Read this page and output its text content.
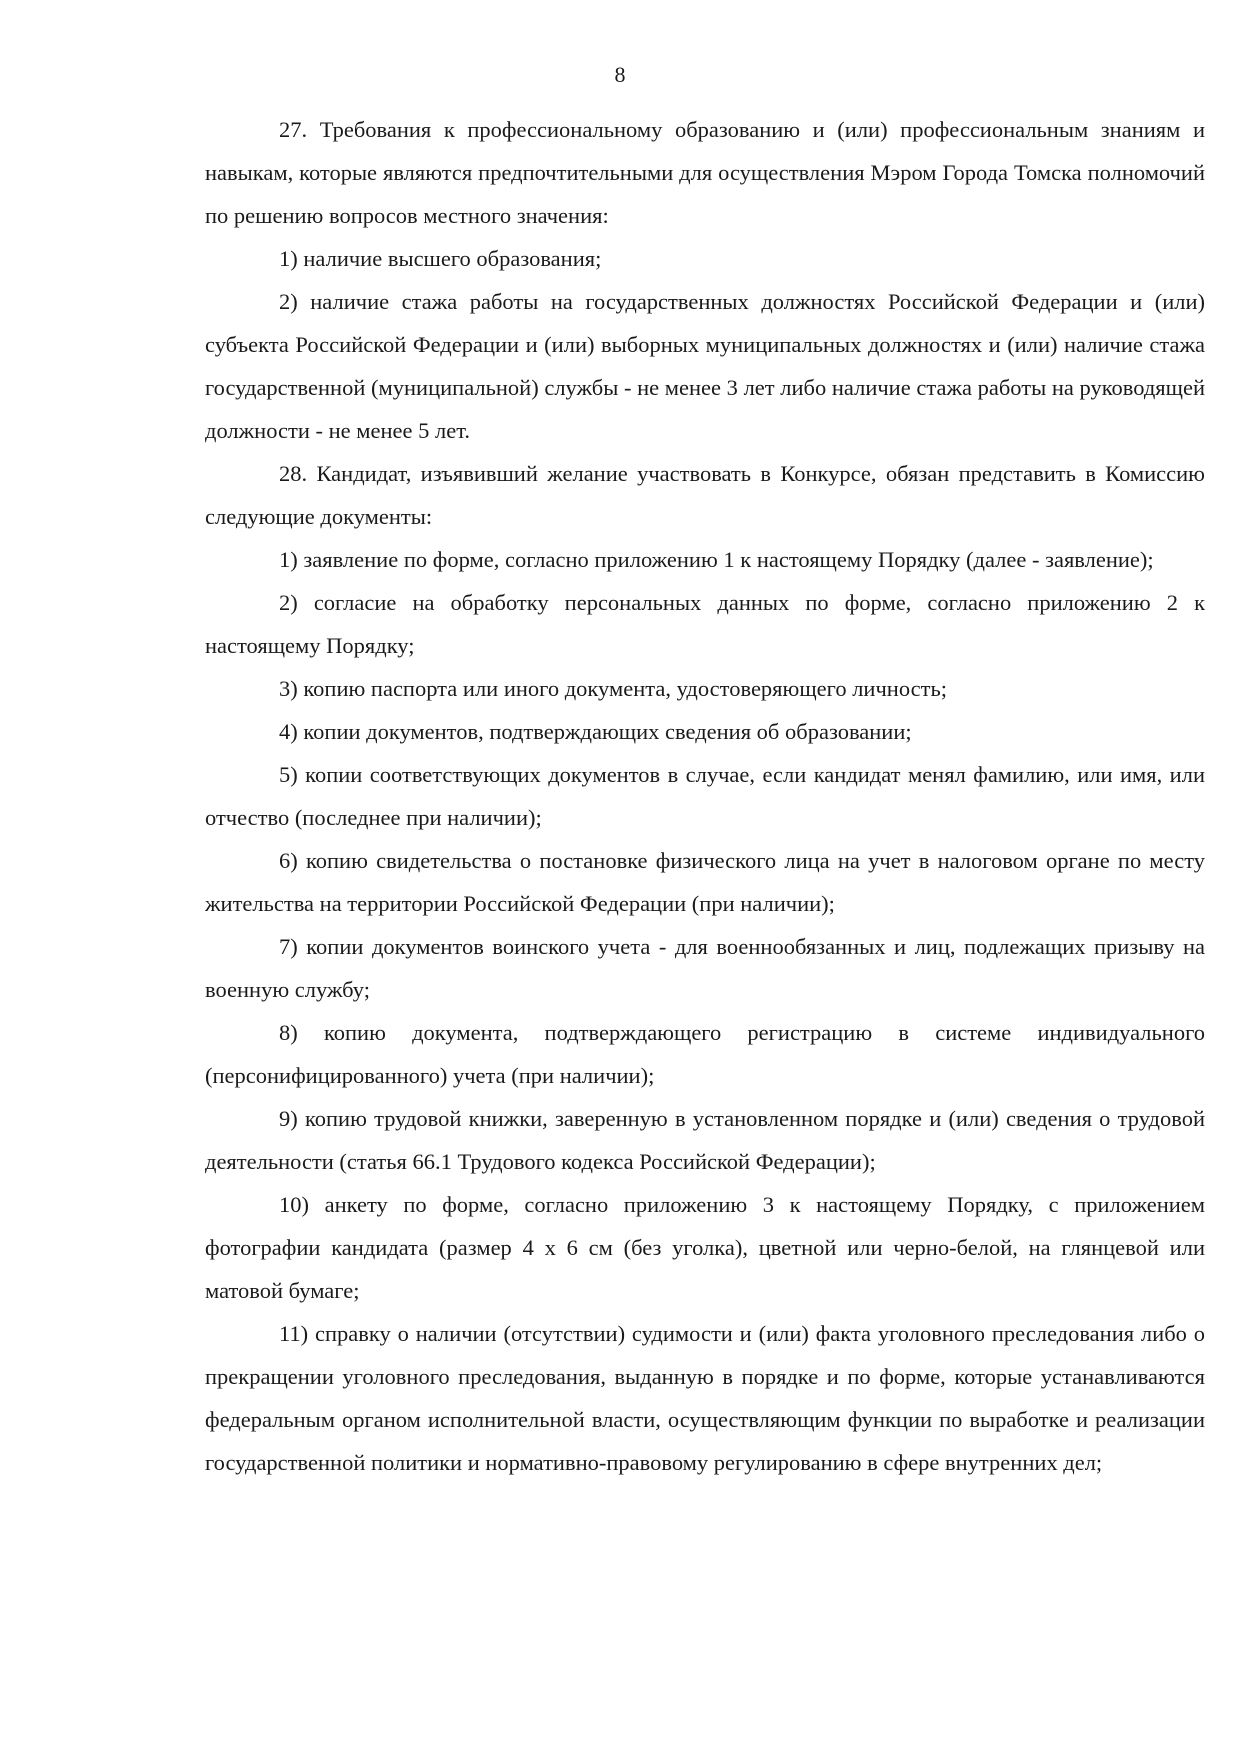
8

27. Требования к профессиональному образованию и (или) профессиональным знаниям и навыкам, которые являются предпочтительными для осуществления Мэром Города Томска полномочий по решению вопросов местного значения:

1) наличие высшего образования;

2) наличие стажа работы на государственных должностях Российской Федерации и (или) субъекта Российской Федерации и (или) выборных муниципальных должностях и (или) наличие стажа государственной (муниципальной) службы - не менее 3 лет либо наличие стажа работы на руководящей должности - не менее 5 лет.

28. Кандидат, изъявивший желание участвовать в Конкурсе, обязан представить в Комиссию следующие документы:

1) заявление по форме, согласно приложению 1 к настоящему Порядку (далее - заявление);

2) согласие на обработку персональных данных по форме, согласно приложению 2 к настоящему Порядку;

3) копию паспорта или иного документа, удостоверяющего личность;

4) копии документов, подтверждающих сведения об образовании;

5) копии соответствующих документов в случае, если кандидат менял фамилию, или имя, или отчество (последнее при наличии);

6) копию свидетельства о постановке физического лица на учет в налоговом органе по месту жительства на территории Российской Федерации (при наличии);

7) копии документов воинского учета - для военнообязанных и лиц, подлежащих призыву на военную службу;

8) копию документа, подтверждающего регистрацию в системе индивидуального (персонифицированного) учета (при наличии);

9) копию трудовой книжки, заверенную в установленном порядке и (или) сведения о трудовой деятельности (статья 66.1 Трудового кодекса Российской Федерации);

10) анкету по форме, согласно приложению 3 к настоящему Порядку, с приложением фотографии кандидата (размер 4 х 6 см (без уголка), цветной или черно-белой, на глянцевой или матовой бумаге;

11) справку о наличии (отсутствии) судимости и (или) факта уголовного преследования либо о прекращении уголовного преследования, выданную в порядке и по форме, которые устанавливаются федеральным органом исполнительной власти, осуществляющим функции по выработке и реализации государственной политики и нормативно-правовому регулированию в сфере внутренних дел;
